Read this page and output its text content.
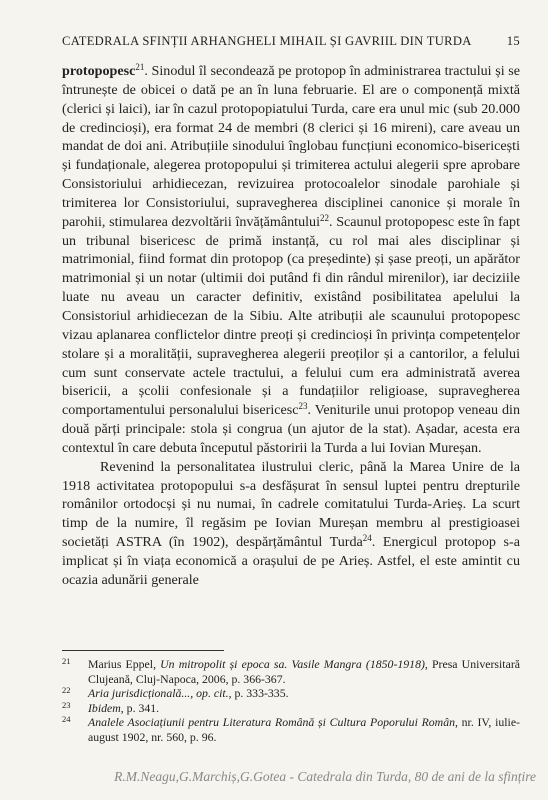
CATEDRALA SFINȚII ARHANGHELI MIHAIL ȘI GAVRIIL DIN TURDA	15

protopopesc$^{21}$. Sinodul îl secondează pe protopop în administrarea tractului și se întrunește de obicei o dată pe an în luna februarie. El are o componență mixtă (clerici și laici), iar în cazul protopopiatului Turda, care era unul mic (sub 20.000 de credincioși), era format 24 de membri (8 clerici și 16 mireni), care aveau un mandat de doi ani. Atribuțiile sinodului înglobau funcțiuni economico-bisericești și fundaționale, alegerea protopopului și trimiterea actului alegerii spre aprobare Consistoriului arhidiecezan, revizuirea protocoalelor sinodale parohiale și trimiterea lor Consistoriului, supravegherea disciplinei canonice și morale în parohii, stimularea dezvoltării învățământului$^{22}$. Scaunul protopopesc este în fapt un tribunal bisericesc de primă instanță, cu rol mai ales disciplinar și matrimonial, fiind format din protopop (ca președinte) și șase preoți, un apărător matrimonial și un notar (ultimii doi putând fi din rândul mirenilor), iar deciziile luate nu aveau un caracter definitiv, existând posibilitatea apelului la Consistoriul arhidiecezan de la Sibiu. Alte atribuții ale scaunului protopopesc vizau aplanarea conflictelor dintre preoți și credincioși în privința competențelor stolare și a moralității, supravegherea alegerii preoților și a cantorilor, a felului cum sunt conservate actele tractului, a felului cum era administrată averea bisericii, a școlii confesionale și a fundațiilor religioase, supravegherea comportamentului personalului bisericesc$^{23}$. Veniturile unui protopop veneau din două părți principale: stola și congrua (un ajutor de la stat). Așadar, acesta era contextul în care debuta începutul păstoririi la Turda a lui Iovian Mureșan.

Revenind la personalitatea ilustrului cleric, până la Marea Unire de la 1918 activitatea protopopului s-a desfășurat în sensul luptei pentru drepturile românilor ortodocși și nu numai, în cadrele comitatului Turda-Arieș. La scurt timp de la numire, îl regăsim pe Iovian Mureșan membru al prestigioasei societăți ASTRA (în 1902), despărțământul Turda$^{24}$. Energicul protopop s-a implicat și în viața economică a orașului de pe Arieș. Astfel, el este amintit cu ocazia adunării generale

21 Marius Eppel, Un mitropolit și epoca sa. Vasile Mangra (1850-1918), Presa Universitară Clujeană, Cluj-Napoca, 2006, p. 366-367.
22 Aria jurisdicțională..., op. cit., p. 333-335.
23 Ibidem, p. 341.
24 Analele Asociațiunii pentru Literatura Română și Cultura Poporului Român, nr. IV, iulie-august 1902, nr. 560, p. 96.
R.M.Neagu,G.Marchiș,G.Gotea - Catedrala din Turda, 80 de ani de la sfințire
